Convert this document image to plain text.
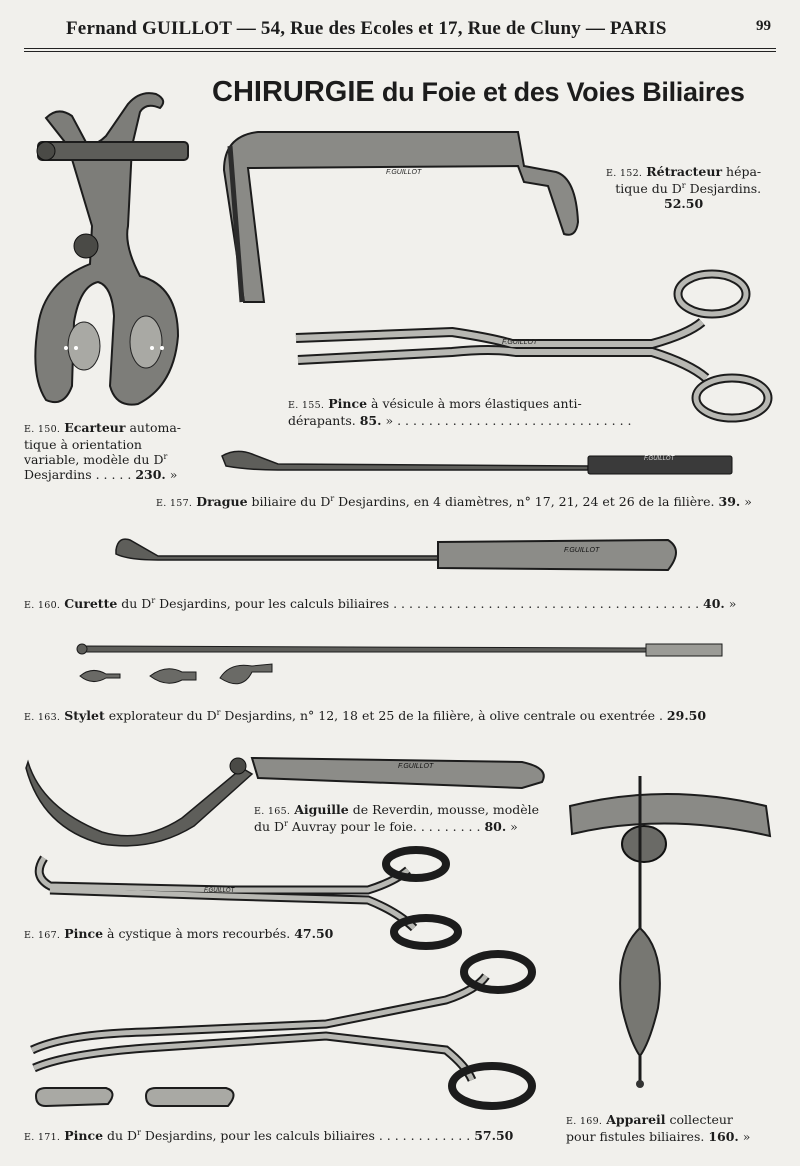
Fernand GUILLOT — 54, Rue des Ecoles et 17, Rue de Cluny — PARIS	99
CHIRURGIE du Foie et des Voies Biliaires
F.GUILLOT
F.GUILLOT
F.GUILLOT
F.GUILLOT
F.GUILLOT
F.GUILLOT
E. 150. Ecarteur automa-
tique à orientation
variable, modèle du $D^r$
Desjardins . . . . . 230. »
E. 152. Rétracteur hépa-
tique du $D^r$ Desjardins.
52.50
E. 155. Pince à vésicule à mors élastiques anti-
dérapants. 85. » . . . . . . . . . . . . . . . . . . . . . . . . . . . . . .
E. 157. Drague biliaire du $D^r$ Desjardins, en 4 diamètres, n° 17, 21, 24 et 26 de la filière. 39. »
E. 160. Curette du $D^r$ Desjardins, pour les calculs biliaires . . . . . . . . . . . . . . . . . . . . . . . . . . . . . . . . . . . . . . . 40. »
E. 163. Stylet explorateur du $D^r$ Desjardins, n° 12, 18 et 25 de la filière, à olive centrale ou exentrée . 29.50
E. 165. Aiguille de Reverdin, mousse, modèle
du $D^r$ Auvray pour le foie. . . . . . . . . 80. »
E. 167. Pince à cystique à mors recourbés. 47.50
E. 169. Appareil collecteur
pour fistules biliaires. 160. »
E. 171. Pince du $D^r$ Desjardins, pour les calculs biliaires . . . . . . . . . . . . 57.50
